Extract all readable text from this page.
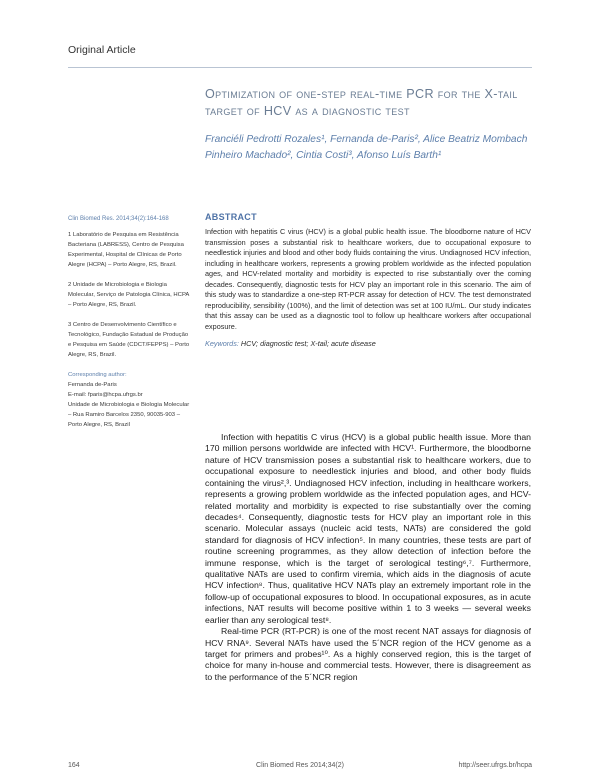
Original Article
Optimization of one-step real-time PCR for the X-tail target of HCV as a diagnostic test
Franciéli Pedrotti Rozales¹, Fernanda de-Paris², Alice Beatriz Mombach Pinheiro Machado², Cintia Costi³, Afonso Luís Barth¹

Clin Biomed Res. 2014;34(2):164-168

1 Laboratório de Pesquisa em Resistência Bacteriana (LABRESS), Centro de Pesquisa Experimental, Hospital de Clínicas de Porto Alegre (HCPA) – Porto Alegre, RS, Brazil.

2 Unidade de Microbiologia e Biologia Molecular, Serviço de Patologia Clínica, HCPA – Porto Alegre, RS, Brazil.

3 Centro de Desenvolvimento Científico e Tecnológico, Fundação Estadual de Produção e Pesquisa em Saúde (CDCT/FEPPS) – Porto Alegre, RS, Brazil.

Corresponding author:

Fernanda de-Paris

E-mail: fparis@hcpa.ufrgs.br

Unidade de Microbiologia e Biologia Molecular – Rua Ramiro Barcelos 2350, 90035-903 – Porto Alegre, RS, Brazil

ABSTRACT

Infection with hepatitis C virus (HCV) is a global public health issue. The bloodborne nature of HCV transmission poses a substantial risk to healthcare workers, due to occupational exposure to needlestick injuries and blood and other body fluids containing the virus. Undiagnosed HCV infection, including in healthcare workers, represents a growing problem worldwide as the infected population ages, and HCV-related mortality and morbidity is expected to rise substantially over the coming decades. Consequently, diagnostic tests for HCV play an important role in this scenario. The aim of this study was to standardize a one-step RT-PCR assay for detection of HCV. The test demonstrated reproducibility, sensibility (100%), and the limit of detection was set at 100 IU/mL. Our study indicates that this assay can be used as a diagnostic tool to follow up healthcare workers after occupational exposure.

Keywords: HCV; diagnostic test; X-tail; acute disease

Infection with hepatitis C virus (HCV) is a global public health issue. More than 170 million persons worldwide are infected with HCV¹. Furthermore, the bloodborne nature of HCV transmission poses a substantial risk to healthcare workers, due to occupational exposure to needlestick injuries and blood, and other body fluids containing the virus²,³. Undiagnosed HCV infection, including in healthcare workers, represents a growing problem worldwide as the infected population ages, and HCV-related mortality and morbidity is expected to rise substantially over the coming decades⁴. Consequently, diagnostic tests for HCV play an important role in this scenario. Molecular assays (nucleic acid tests, NATs) are considered the gold standard for diagnosis of HCV infection⁵. In many countries, these tests are part of routine screening programmes, as they allow detection of infection before the immune response, which is the target of serological testing⁶,⁷. Furthermore, qualitative NATs are used to confirm viremia, which aids in the diagnosis of acute HCV infection⁸. Thus, qualitative HCV NATs play an extremely important role in the follow-up of occupational exposures to blood. In occupational exposures, as in acute infections, NAT results will become positive within 1 to 3 weeks — several weeks earlier than any serological test⁸.

Real-time PCR (RT-PCR) is one of the most recent NAT assays for diagnosis of HCV RNA⁹. Several NATs have used the 5´NCR region of the HCV genome as a target for primers and probes¹⁰. As a highly conserved region, this is the target of choice for many in-house and commercial tests. However, there is disagreement as to the performance of the 5´NCR region

164	Clin Biomed Res 2014;34(2)	http://seer.ufrgs.br/hcpa
